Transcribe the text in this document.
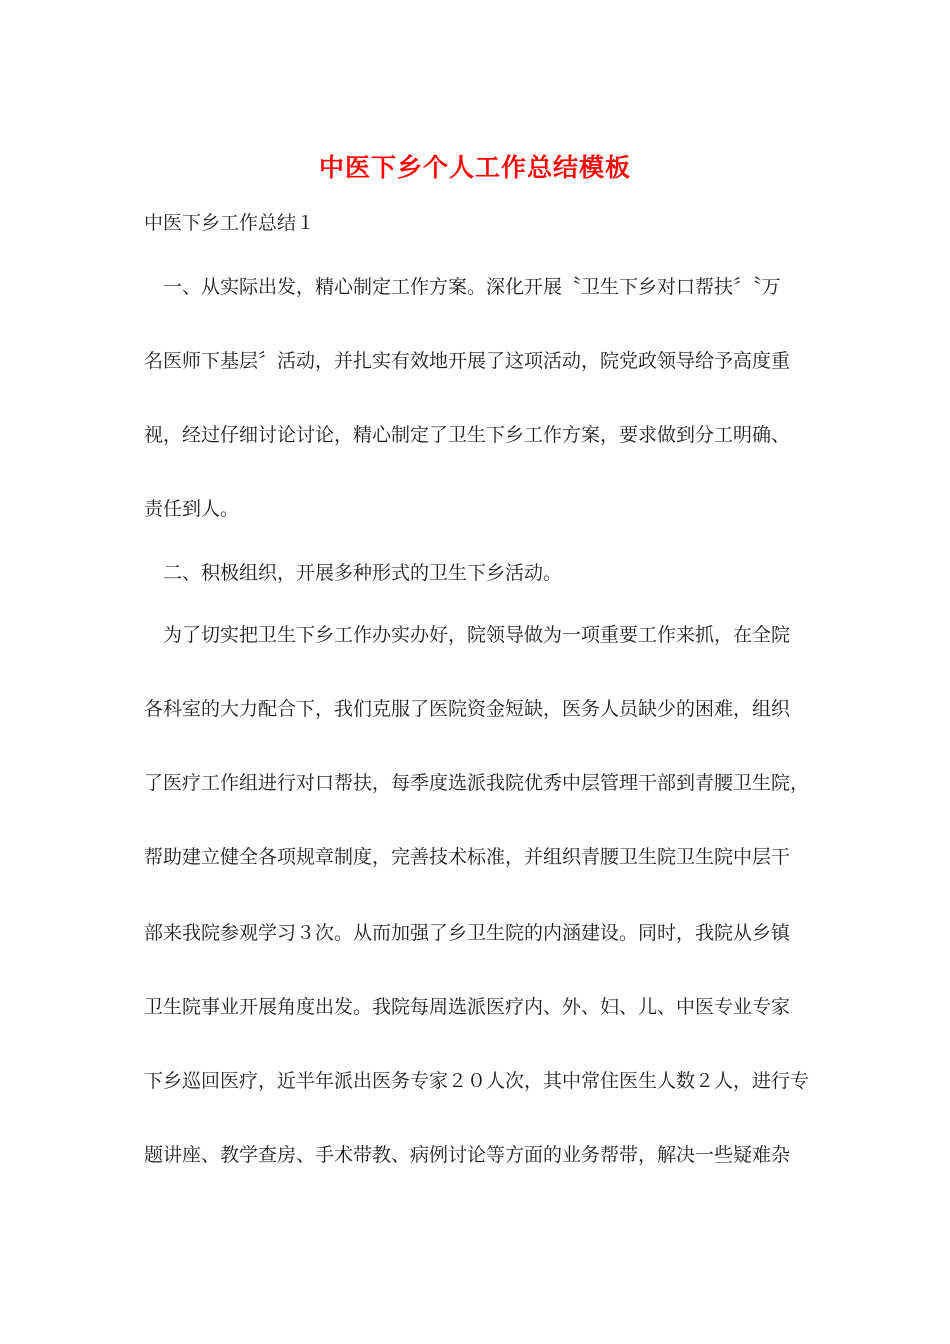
中医下乡个人工作总结模板
中医下乡工作总结１
　一、从实际出发，精心制定工作方案。深化开展〝卫生下乡对口帮扶〞〝万
名医师下基层〞活动，并扎实有效地开展了这项活动，院党政领导给予高度重
视，经过仔细讨论讨论，精心制定了卫生下乡工作方案，要求做到分工明确、
责任到人。
　二、积极组织，开展多种形式的卫生下乡活动。
　为了切实把卫生下乡工作办实办好，院领导做为一项重要工作来抓，在全院
各科室的大力配合下，我们克服了医院资金短缺，医务人员缺少的困难，组织
了医疗工作组进行对口帮扶，每季度选派我院优秀中层管理干部到青腰卫生院，
帮助建立健全各项规章制度，完善技术标准，并组织青腰卫生院卫生院中层干
部来我院参观学习３次。从而加强了乡卫生院的内涵建设。同时，我院从乡镇
卫生院事业开展角度出发。我院每周选派医疗内、外、妇、儿、中医专业专家
下乡巡回医疗，近半年派出医务专家２０人次，其中常住医生人数２人，进行专
题讲座、教学查房、手术带教、病例讨论等方面的业务帮带，解决一些疑难杂
